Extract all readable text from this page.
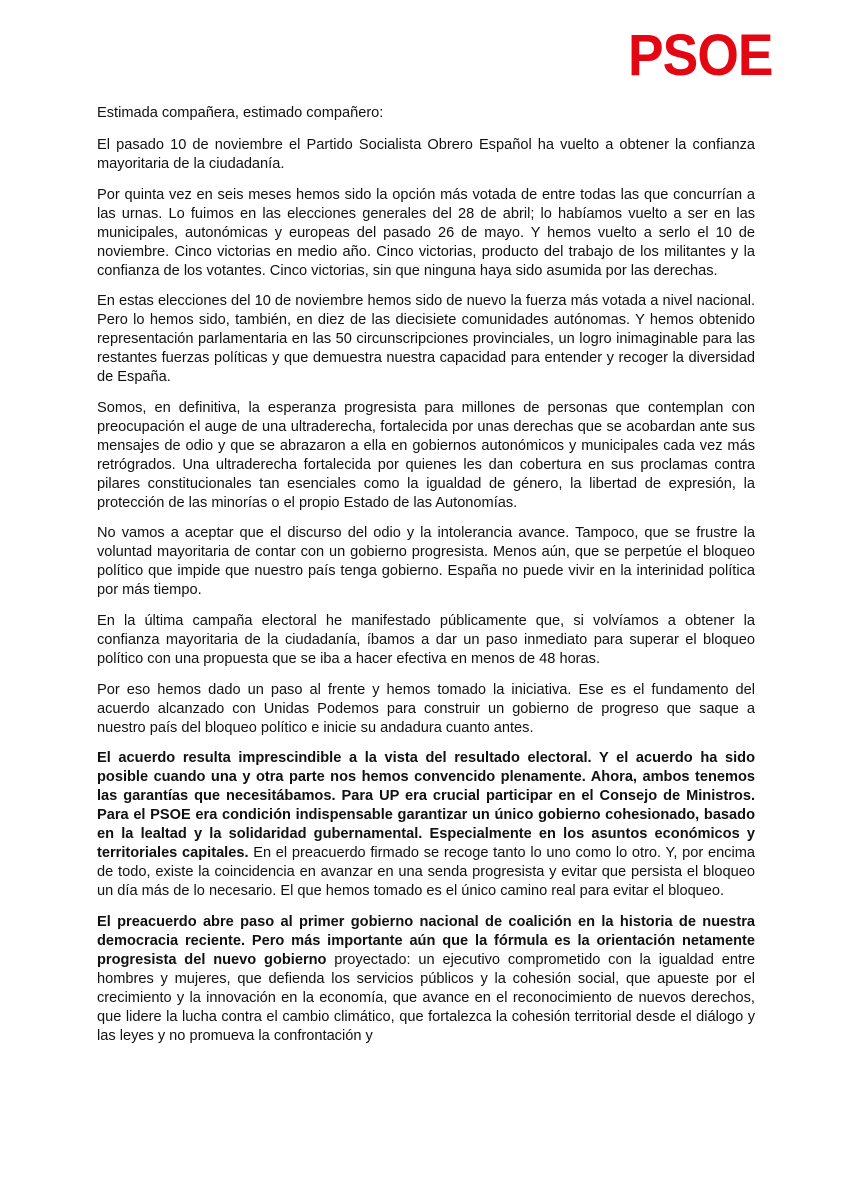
PSOE

Estimada compañera, estimado compañero:

El pasado 10 de noviembre el Partido Socialista Obrero Español ha vuelto a obtener la confianza mayoritaria de la ciudadanía.

Por quinta vez en seis meses hemos sido la opción más votada de entre todas las que concurrían a las urnas. Lo fuimos en las elecciones generales del 28 de abril; lo habíamos vuelto a ser en las municipales, autonómicas y europeas del pasado 26 de mayo. Y hemos vuelto a serlo el 10 de noviembre. Cinco victorias en medio año. Cinco victorias, producto del trabajo de los militantes y la confianza de los votantes. Cinco victorias, sin que ninguna haya sido asumida por las derechas.

En estas elecciones del 10 de noviembre hemos sido de nuevo la fuerza más votada a nivel nacional. Pero lo hemos sido, también, en diez de las diecisiete comunidades autónomas. Y hemos obtenido representación parlamentaria en las 50 circunscripciones provinciales, un logro inimaginable para las restantes fuerzas políticas y que demuestra nuestra capacidad para entender y recoger la diversidad de España.

Somos, en definitiva, la esperanza progresista para millones de personas que contemplan con preocupación el auge de una ultraderecha, fortalecida por unas derechas que se acobardan ante sus mensajes de odio y que se abrazaron a ella en gobiernos autonómicos y municipales cada vez más retrógrados. Una ultraderecha fortalecida por quienes les dan cobertura en sus proclamas contra pilares constitucionales tan esenciales como la igualdad de género, la libertad de expresión, la protección de las minorías o el propio Estado de las Autonomías.

No vamos a aceptar que el discurso del odio y la intolerancia avance. Tampoco, que se frustre la voluntad mayoritaria de contar con un gobierno progresista. Menos aún, que se perpetúe el bloqueo político que impide que nuestro país tenga gobierno. España no puede vivir en la interinidad política por más tiempo.

En la última campaña electoral he manifestado públicamente que, si volvíamos a obtener la confianza mayoritaria de la ciudadanía, íbamos a dar un paso inmediato para superar el bloqueo político con una propuesta que se iba a hacer efectiva en menos de 48 horas.

Por eso hemos dado un paso al frente y hemos tomado la iniciativa. Ese es el fundamento del acuerdo alcanzado con Unidas Podemos para construir un gobierno de progreso que saque a nuestro país del bloqueo político e inicie su andadura cuanto antes.

El acuerdo resulta imprescindible a la vista del resultado electoral. Y el acuerdo ha sido posible cuando una y otra parte nos hemos convencido plenamente. Ahora, ambos tenemos las garantías que necesitábamos. Para UP era crucial participar en el Consejo de Ministros. Para el PSOE era condición indispensable garantizar un único gobierno cohesionado, basado en la lealtad y la solidaridad gubernamental. Especialmente en los asuntos económicos y territoriales capitales. En el preacuerdo firmado se recoge tanto lo uno como lo otro. Y, por encima de todo, existe la coincidencia en avanzar en una senda progresista y evitar que persista el bloqueo un día más de lo necesario. El que hemos tomado es el único camino real para evitar el bloqueo.

El preacuerdo abre paso al primer gobierno nacional de coalición en la historia de nuestra democracia reciente. Pero más importante aún que la fórmula es la orientación netamente progresista del nuevo gobierno proyectado: un ejecutivo comprometido con la igualdad entre hombres y mujeres, que defienda los servicios públicos y la cohesión social, que apueste por el crecimiento y la innovación en la economía, que avance en el reconocimiento de nuevos derechos, que lidere la lucha contra el cambio climático, que fortalezca la cohesión territorial desde el diálogo y las leyes y no promueva la confrontación y
